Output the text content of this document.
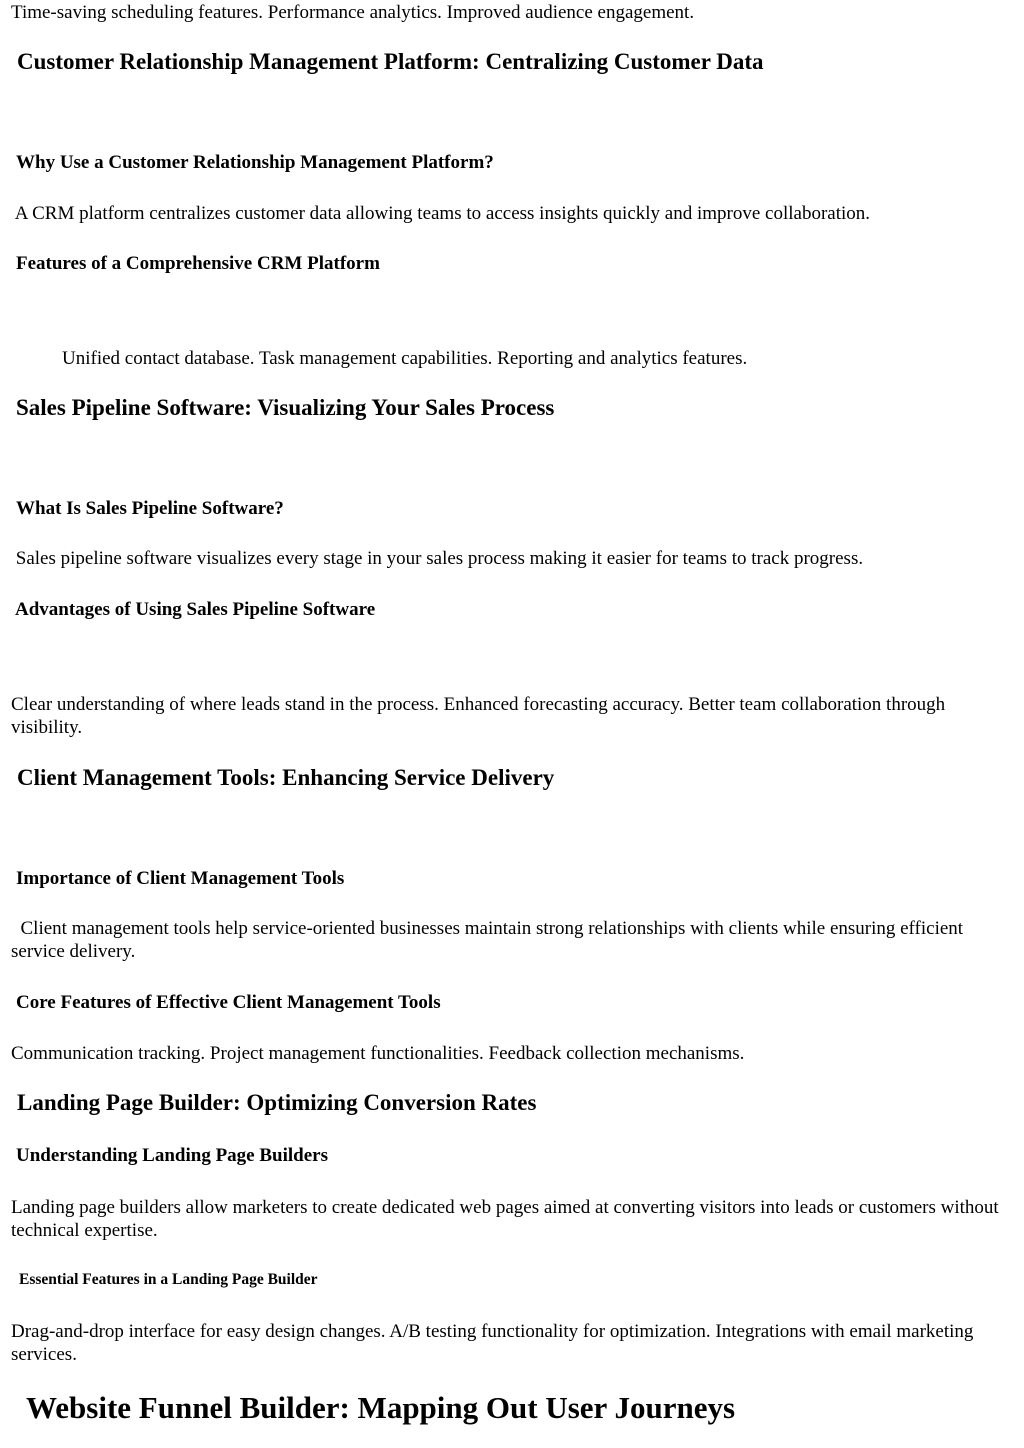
Time-saving scheduling features. Performance analytics. Improved audience engagement.

Customer Relationship Management Platform: Centralizing Customer Data
Why Use a Customer Relationship Management Platform?

A CRM platform centralizes customer data allowing teams to access insights quickly and improve collaboration.

Features of a Comprehensive CRM Platform

Unified contact database. Task management capabilities. Reporting and analytics features.

Sales Pipeline Software: Visualizing Your Sales Process
What Is Sales Pipeline Software?

Sales pipeline software visualizes every stage in your sales process making it easier for teams to track progress.

Advantages of Using Sales Pipeline Software

Clear understanding of where leads stand in the process. Enhanced forecasting accuracy. Better team collaboration through visibility.

Client Management Tools: Enhancing Service Delivery
Importance of Client Management Tools

Client management tools help service-oriented businesses maintain strong relationships with clients while ensuring efficient service delivery.

Core Features of Effective Client Management Tools

Communication tracking. Project management functionalities. Feedback collection mechanisms.

Landing Page Builder: Optimizing Conversion Rates
Understanding Landing Page Builders

Landing page builders allow marketers to create dedicated web pages aimed at converting visitors into leads or customers without technical expertise.

Essential Features in a Landing Page Builder

Drag-and-drop interface for easy design changes. A/B testing functionality for optimization. Integrations with email marketing services.

Website Funnel Builder: Mapping Out User Journeys
